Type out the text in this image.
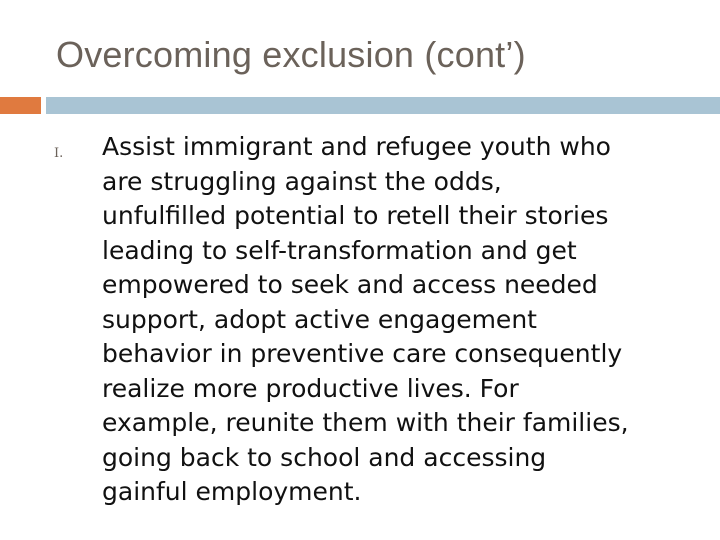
Overcoming exclusion (cont’)
I. Assist immigrant and refugee youth who
are struggling against the odds,
unfulfilled potential to retell their stories
leading to self-transformation and get
empowered to seek and access needed
support, adopt active engagement
behavior in preventive care consequently
realize more productive lives. For
example, reunite them with their families,
going back to school and accessing
gainful employment.
